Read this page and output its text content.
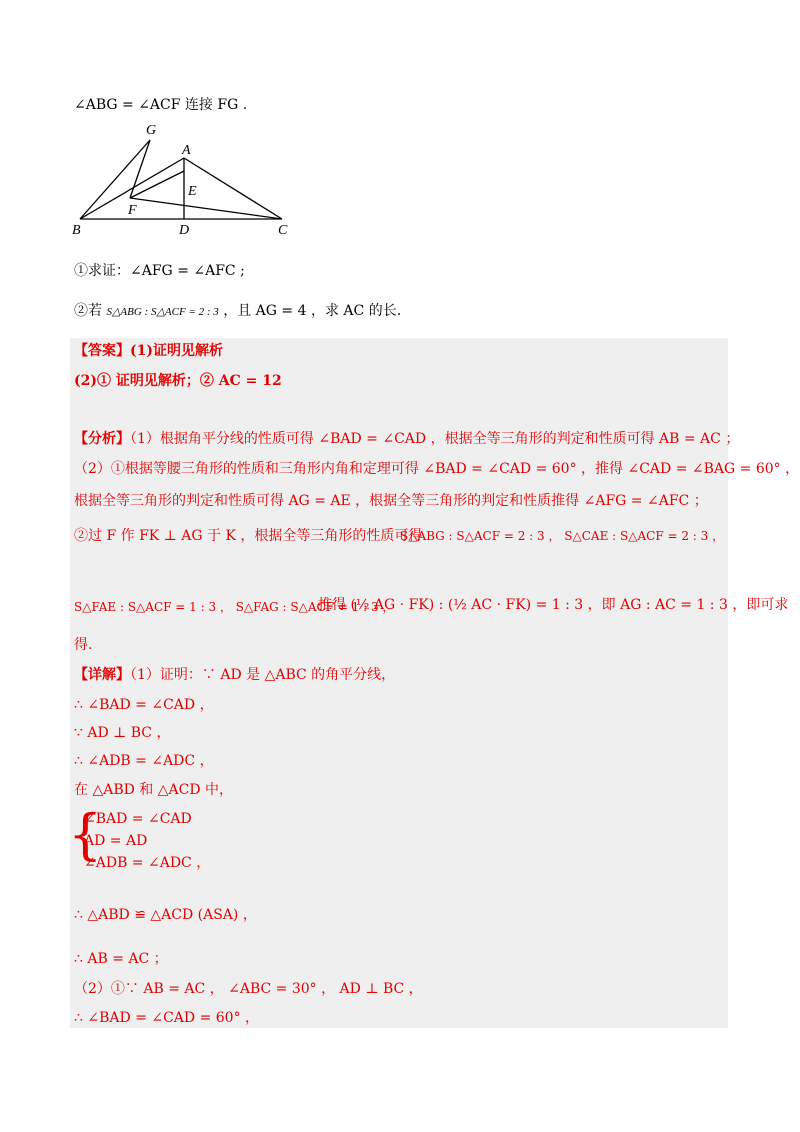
∠ABG = ∠ACF 连接 FG .
G
A
E
F
B	D	C
①求证：∠AFG = ∠AFC ;
②若 S△ABG : S△ACF = 2 : 3 ，且 AG = 4 ，求 AC 的长.
【答案】(1)证明见解析
(2)① 证明见解析；② AC = 12
【分析】（1）根据角平分线的性质可得 ∠BAD = ∠CAD ，根据全等三角形的判定和性质可得 AB = AC ；
（2）①根据等腰三角形的性质和三角形内角和定理可得 ∠BAD = ∠CAD = 60° ，推得 ∠CAD = ∠BAG = 60° ，
根据全等三角形的判定和性质可得 AG = AE ，根据全等三角形的判定和性质推得 ∠AFG = ∠AFC ；
②过 F 作 FK ⊥ AG 于 K ，根据全等三角形的性质可得
S△ABG : S△ACF = 2 : 3 ， S△CAE : S△ACF = 2 : 3 ，
S△FAE : S△ACF = 1 : 3 ， S△FAG : S△ACF = 1 : 3 ，
推得 (½ AG · FK) : (½ AC · FK) = 1 : 3 ，即 AG : AC = 1 : 3 ，即可求
得.
【详解】（1）证明：∵ AD 是 △ABC 的角平分线，
∴ ∠BAD = ∠CAD ，
∵ AD ⊥ BC ，
∴ ∠ADB = ∠ADC ，
在 △ABD 和 △ACD 中，
{
∠BAD = ∠CAD
AD = AD
∠ADB = ∠ADC ，
∴ △ABD ≌ △ACD (ASA) ，
∴ AB = AC ；
（2）①∵ AB = AC ， ∠ABC = 30° ， AD ⊥ BC ，
∴ ∠BAD = ∠CAD = 60° ，
